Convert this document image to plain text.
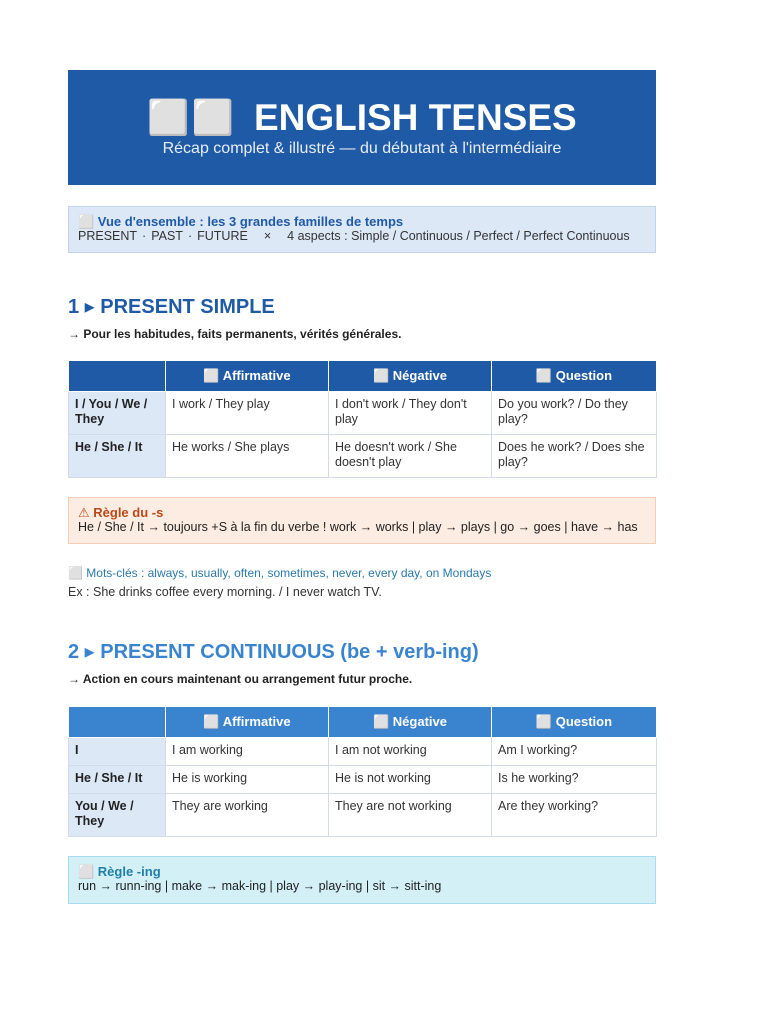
⬜⬜ ENGLISH TENSES
Récap complet & illustré — du débutant à l'intermédiaire
⬜ Vue d'ensemble : les 3 grandes familles de temps
PRESENT · PAST · FUTURE × 4 aspects : Simple / Continuous / Perfect / Perfect Continuous
1 ▸ PRESENT SIMPLE
→ Pour les habitudes, faits permanents, vérités générales.
	⬜ Affirmative	⬜ Négative	⬜ Question
I / You / We / They	I work / They play	I don't work / They don't play	Do you work? / Do they play?
He / She / It	He works / She plays	He doesn't work / She doesn't play	Does he work? / Does she play?
⚠ Règle du -s
He / She / It → toujours +S à la fin du verbe ! work → works | play → plays | go → goes | have → has
⬜ Mots-clés : always, usually, often, sometimes, never, every day, on Mondays
Ex : She drinks coffee every morning. / I never watch TV.
2 ▸ PRESENT CONTINUOUS (be + verb-ing)
→ Action en cours maintenant ou arrangement futur proche.
	⬜ Affirmative	⬜ Négative	⬜ Question
I	I am working	I am not working	Am I working?
He / She / It	He is working	He is not working	Is he working?
You / We / They	They are working	They are not working	Are they working?
⬜ Règle -ing
run → runn-ing | make → mak-ing | play → play-ing | sit → sitt-ing
